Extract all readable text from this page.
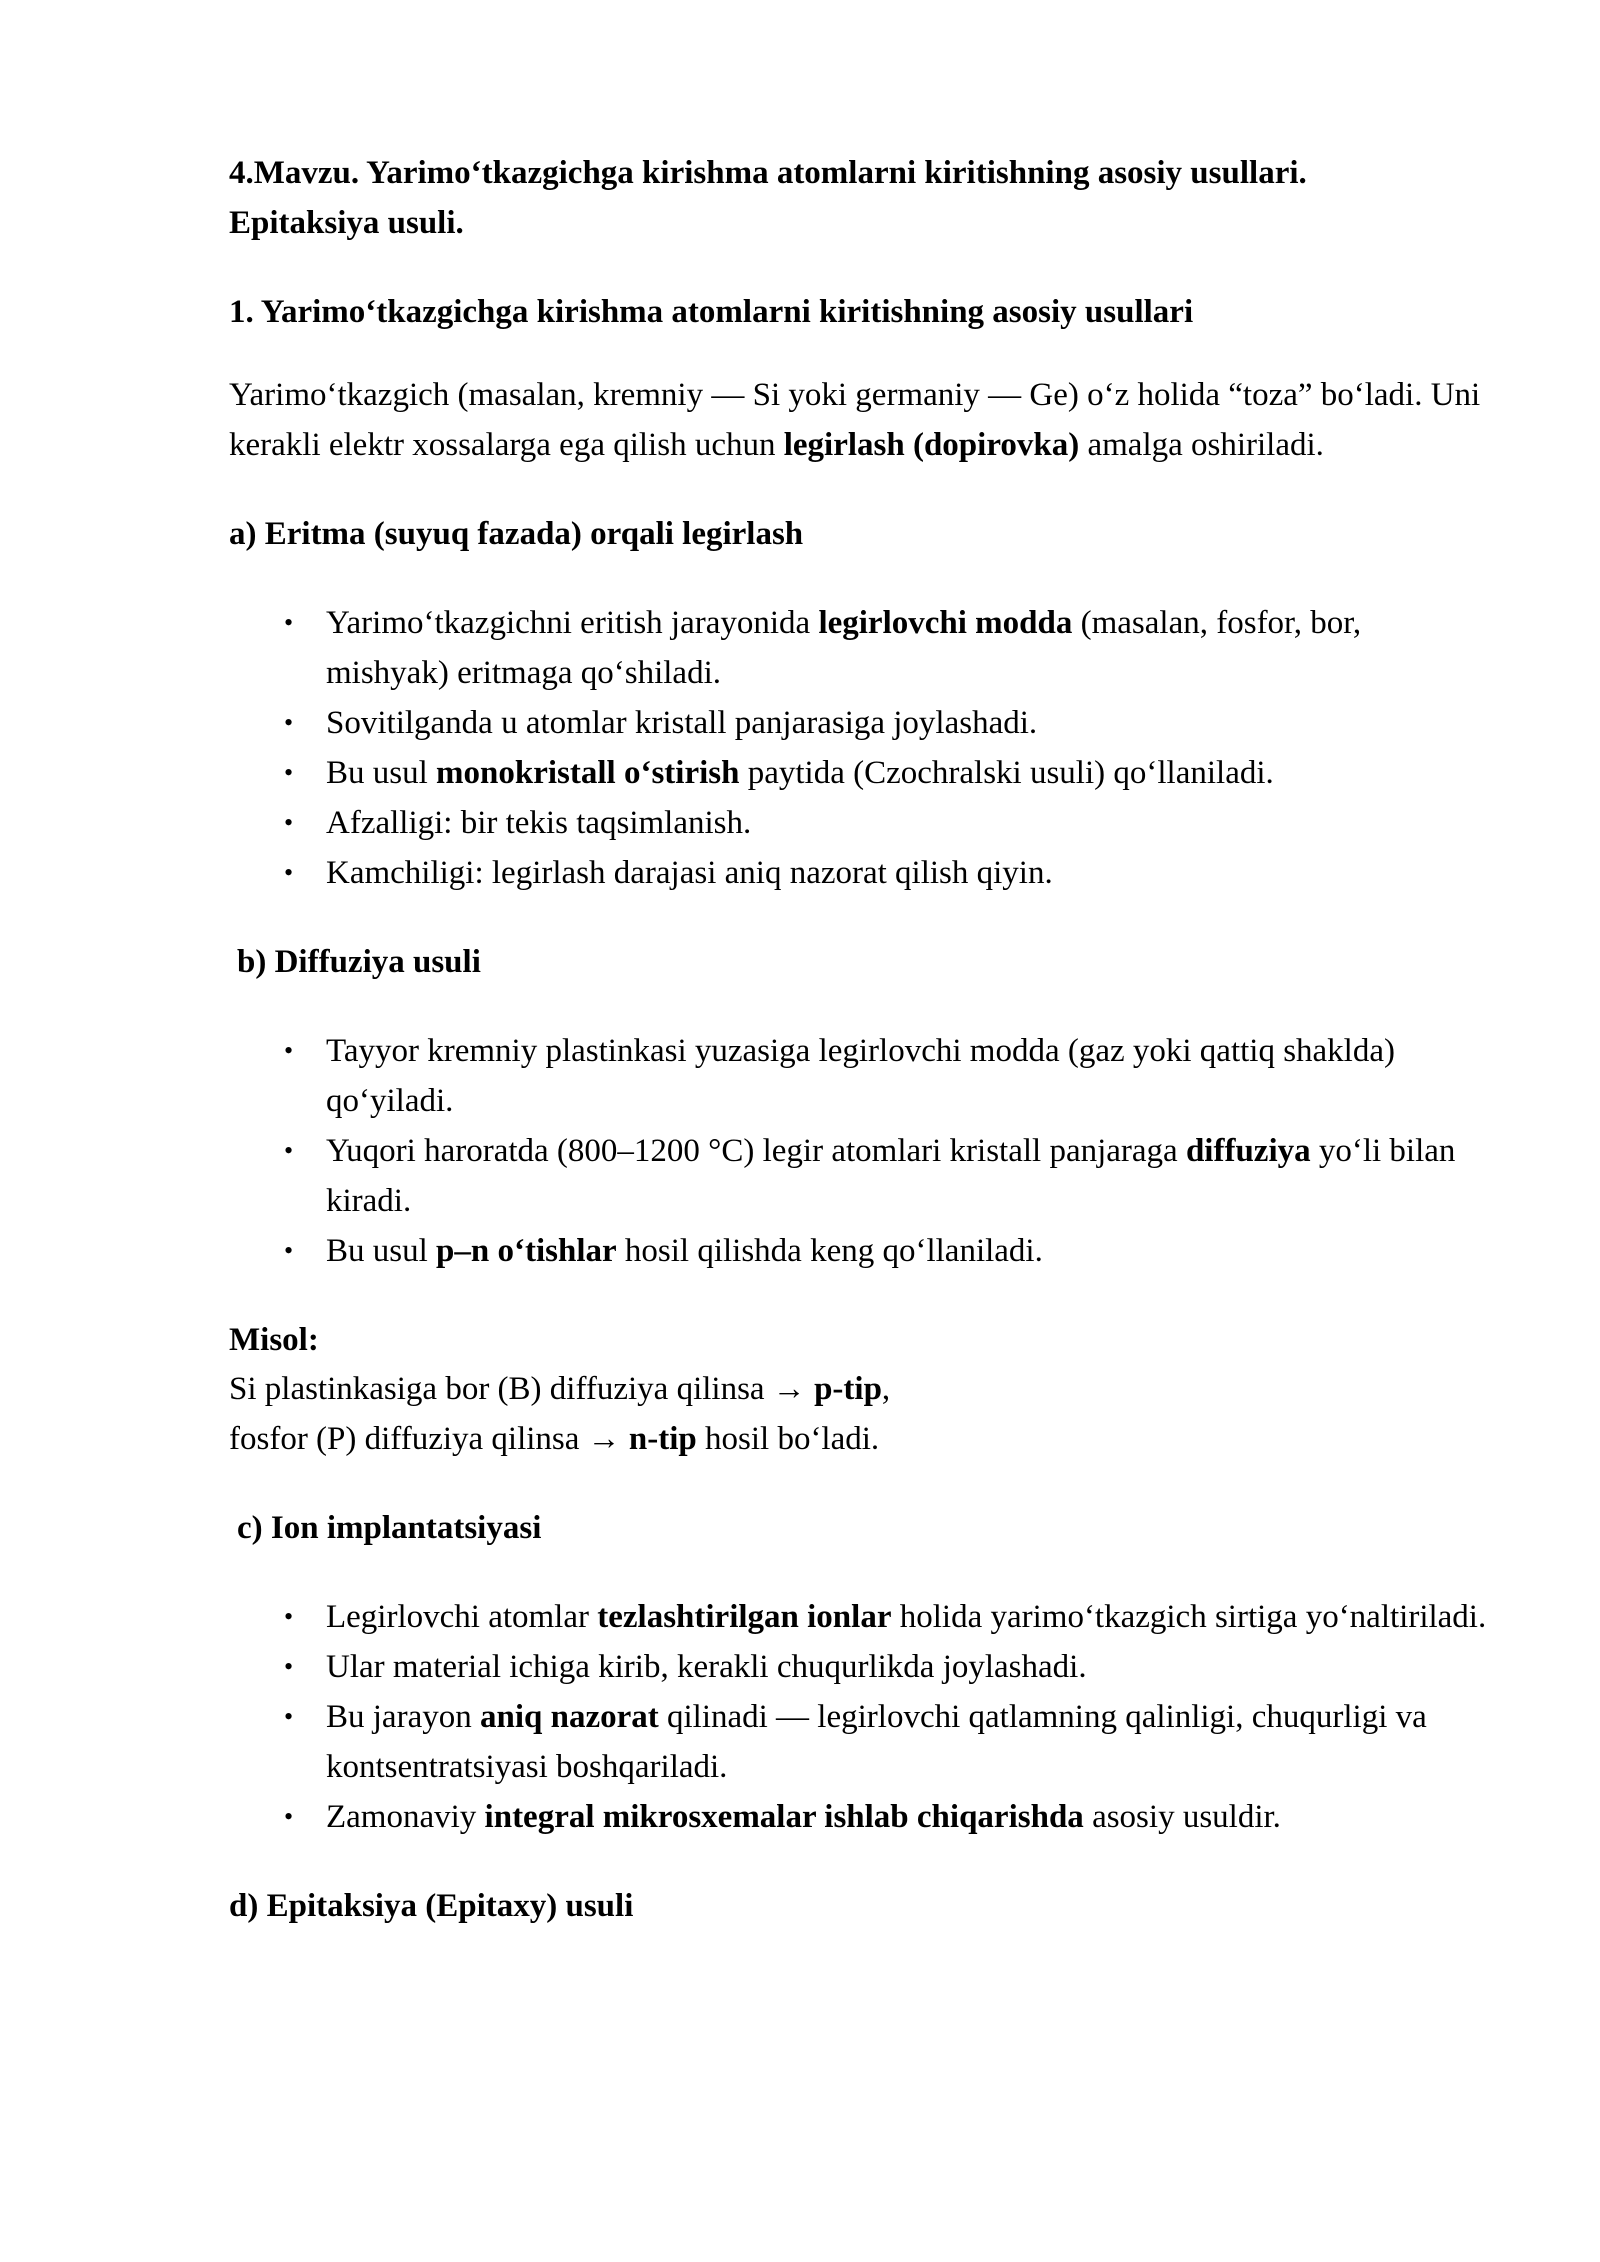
4.Mavzu. Yarimo‘tkazgichga kirishma atomlarni kiritishning asosiy usullari.
Epitaksiya usuli.

1. Yarimo‘tkazgichga kirishma atomlarni kiritishning asosiy usullari

Yarimo‘tkazgich (masalan, kremniy — Si yoki germaniy — Ge) o‘z holida “toza” bo‘ladi. Uni kerakli elektr xossalarga ega qilish uchun legirlash (dopirovka) amalga oshiriladi.

a) Eritma (suyuq fazada) orqali legirlash

• Yarimo‘tkazgichni eritish jarayonida legirlovchi modda (masalan, fosfor, bor, mishyak) eritmaga qo‘shiladi.
• Sovitilganda u atomlar kristall panjarasiga joylashadi.
• Bu usul monokristall o‘stirish paytida (Czochralski usuli) qo‘llaniladi.
• Afzalligi: bir tekis taqsimlanish.
• Kamchiligi: legirlash darajasi aniq nazorat qilish qiyin.

b) Diffuziya usuli

• Tayyor kremniy plastinkasi yuzasiga legirlovchi modda (gaz yoki qattiq shaklda) qo‘yiladi.
• Yuqori haroratda (800–1200 °C) legir atomlari kristall panjaraga diffuziya yo‘li bilan kiradi.
• Bu usul p–n o‘tishlar hosil qilishda keng qo‘llaniladi.

Misol:

Si plastinkasiga bor (B) diffuziya qilinsa → p-tip,

fosfor (P) diffuziya qilinsa → n-tip hosil bo‘ladi.

c) Ion implantatsiyasi

• Legirlovchi atomlar tezlashtirilgan ionlar holida yarimo‘tkazgich sirtiga yo‘naltiriladi.
• Ular material ichiga kirib, kerakli chuqurlikda joylashadi.
• Bu jarayon aniq nazorat qilinadi — legirlovchi qatlamning qalinligi, chuqurligi va kontsentratsiyasi boshqariladi.
• Zamonaviy integral mikrosxemalar ishlab chiqarishda asosiy usuldir.

d) Epitaksiya (Epitaxy) usuli
